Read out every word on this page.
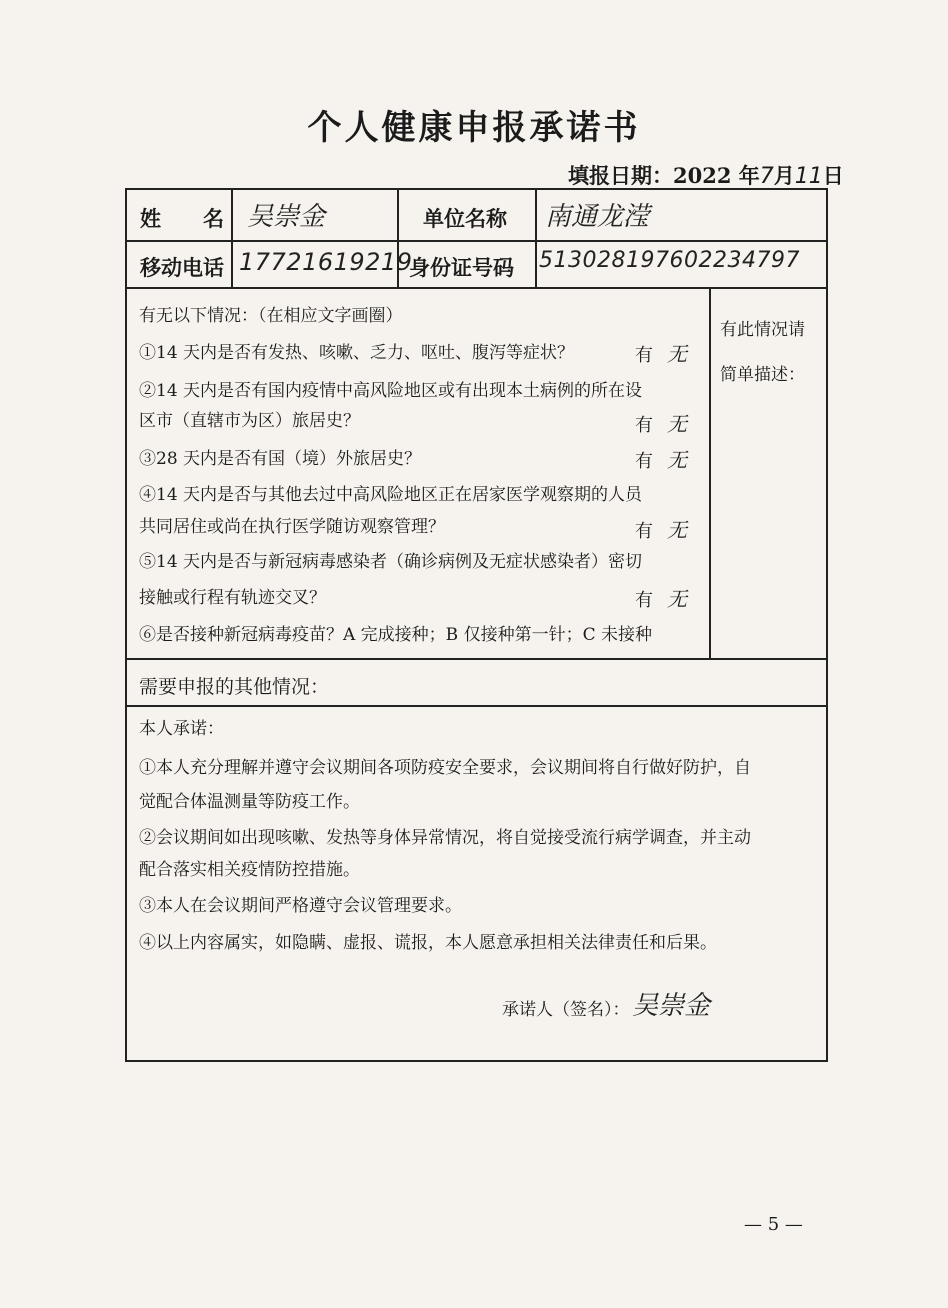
个人健康申报承诺书
填报日期：2022 年7月11日
姓　　名 吴崇金	单位名称 南通龙滢
移动电话 17721619219
身份证号码 513028197602234797
有无以下情况：（在相应文字画圈）
①14 天内是否有发热、咳嗽、乏力、呕吐、腹泻等症状？	有 无
②14 天内是否有国内疫情中高风险地区或有出现本土病例的所在设
区市（直辖市为区）旅居史？	有 无
③28 天内是否有国（境）外旅居史？	有 无
④14 天内是否与其他去过中高风险地区正在居家医学观察期的人员
共同居住或尚在执行医学随访观察管理？	有 无
⑤14 天内是否与新冠病毒感染者（确诊病例及无症状感染者）密切
接触或行程有轨迹交叉？	有 无
⑥是否接种新冠病毒疫苗？A 完成接种；B 仅接种第一针；C 未接种
有此情况请
简单描述：
需要申报的其他情况：
本人承诺：
①本人充分理解并遵守会议期间各项防疫安全要求，会议期间将自行做好防护，自
觉配合体温测量等防疫工作。
②会议期间如出现咳嗽、发热等身体异常情况，将自觉接受流行病学调查，并主动
配合落实相关疫情防控措施。
③本人在会议期间严格遵守会议管理要求。
④以上内容属实，如隐瞒、虚报、谎报，本人愿意承担相关法律责任和后果。
承诺人（签名）： 吴崇金
— 5 —
